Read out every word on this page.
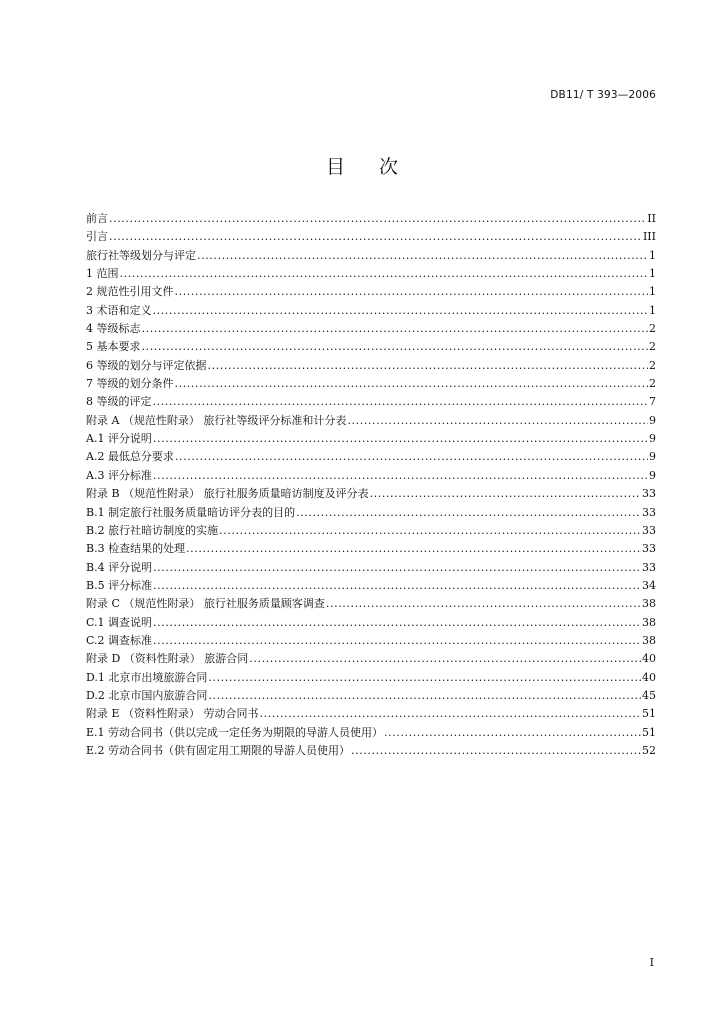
DB11/ T 393—2006
目次
前言 .....	II
引言 .....	III
旅行社等级划分与评定 .....	1
1 范围 .....	1
2 规范性引用文件 .....	1
3 术语和定义 .....	1
4 等级标志 .....	2
5 基本要求 .....	2
6 等级的划分与评定依据 .....	2
7 等级的划分条件 .....	2
8 等级的评定 .....	7
附录 A （规范性附录） 旅行社等级评分标准和计分表 .....	9
A.1 评分说明 .....	9
A.2 最低总分要求 .....	9
A.3 评分标准 .....	9
附录 B （规范性附录） 旅行社服务质量暗访制度及评分表 .....	33
B.1 制定旅行社服务质量暗访评分表的目的 .....	33
B.2 旅行社暗访制度的实施 .....	33
B.3 检查结果的处理 .....	33
B.4 评分说明 .....	33
B.5 评分标准 .....	34
附录 C （规范性附录） 旅行社服务质量顾客调查 .....	38
C.1 调查说明 .....	38
C.2 调查标准 .....	38
附录 D （资料性附录） 旅游合同 .....	40
D.1 北京市出境旅游合同 .....	40
D.2 北京市国内旅游合同 .....	45
附录 E （资料性附录） 劳动合同书 .....	51
E.1 劳动合同书（供以完成一定任务为期限的导游人员使用） .....	51
E.2 劳动合同书（供有固定用工期限的导游人员使用） .....	52
I
